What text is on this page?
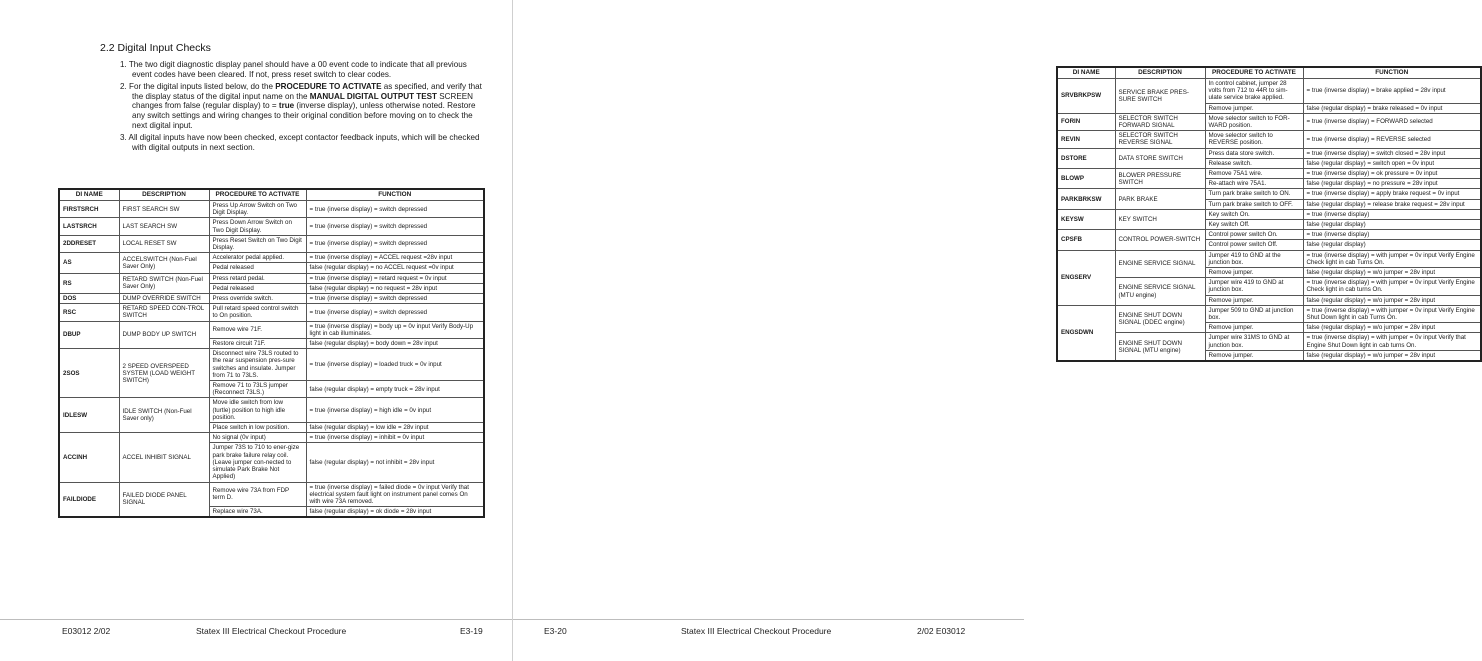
2.2 Digital Input Checks
1. The two digit diagnostic display panel should have a 00 event code to indicate that all previous event codes have been cleared. If not, press reset switch to clear codes.
2. For the digital inputs listed below, do the PROCEDURE TO ACTIVATE as specified, and verify that the display status of the digital input name on the MANUAL DIGITAL OUTPUT TEST SCREEN changes from false (regular display) to = true (inverse display), unless otherwise noted. Restore any switch settings and wiring changes to their original condition before moving on to check the next digital input.
3. All digital inputs have now been checked, except contactor feedback inputs, which will be checked with digital outputs in next section.
DI NAME	DESCRIPTION	PROCEDURE TO ACTIVATE	FUNCTION
FIRSTSRCH	FIRST SEARCH SW	Press Up Arrow Switch on Two Digit Display.	= true (inverse display) = switch depressed
LASTSRCH	LAST SEARCH SW	Press Down Arrow Switch on Two Digit Display.	= true (inverse display) = switch depressed
2DDRESET	LOCAL RESET SW	Press Reset Switch on Two Digit Display.	= true (inverse display) = switch depressed
AS	ACCELSWITCH (Non-Fuel Saver Only)	Accelerator pedal applied.	= true (inverse display) = ACCEL request =28v input
		Pedal released	false (regular display) = no ACCEL request =0v input
RS	RETARD SWITCH (Non-Fuel Saver Only)	Press retard pedal.	= true (inverse display) = retard request = 0v input
		Pedal released	false (regular display) = no request = 28v input
DOS	DUMP OVERRIDE SWITCH	Press override switch.	= true (inverse display) = switch depressed
RSC	RETARD SPEED CON-TROL SWITCH	Pull retard speed control switch to On position.	= true (inverse display) = switch depressed
DBUP	DUMP BODY UP SWITCH	Remove wire 71F.	= true (inverse display) = body up = 0v input Verify Body-Up light in cab illuminates.
		Restore circuit 71F.	false (regular display) = body down = 28v input
2SOS	2 SPEED OVERSPEED SYSTEM (LOAD WEIGHT SWITCH)	Disconnect wire 73LS routed to the rear suspension pres-sure switches and insulate. Jumper from 71 to 73LS.	= true (inverse display) = loaded truck = 0v input
		Remove 71 to 73LS jumper (Reconnect 73LS.)	false (regular display) = empty truck = 28v input
IDLESW	IDLE SWITCH (Non-Fuel Saver only)	Move idle switch from low (turtle) position to high idle position.	= true (inverse display) = high idle = 0v input
		Place switch in low position.	false (regular display) = low idle = 28v input
ACCINH	ACCEL INHIBIT SIGNAL	No signal (0v input)	= true (inverse display) = inhibit = 0v input
		Jumper 73S to 710 to ener-gize park brake failure relay coil. (Leave jumper con-nected to simulate Park Brake Not Applied)	false (regular display) = not inhibit = 28v input
FAILDIODE	FAILED DIODE PANEL SIGNAL	Remove wire 73A from FDP term D.	= true (inverse display) = failed diode = 0v input Verify that electrical system fault light on instrument panel comes On with wire 73A removed.
		Replace wire 73A.	false (regular display) = ok diode = 28v input
E03012 2/02	Statex III Electrical Checkout Procedure	E3-19
DI NAME	DESCRIPTION	PROCEDURE TO ACTIVATE	FUNCTION
SRVBRKPSW	SERVICE BRAKE PRES-SURE SWITCH	In control cabinet, jumper 28 volts from 712 to 44R to sim-ulate service brake applied.	= true (inverse display) = brake applied = 28v input
		Remove jumper.	false (regular display) = brake released = 0v input
FORIN	SELECTOR SWITCH FORWARD SIGNAL	Move selector switch to FOR-WARD position.	= true (inverse display) = FORWARD selected
REVIN	SELECTOR SWITCH REVERSE SIGNAL	Move selector switch to REVERSE position.	= true (inverse display) = REVERSE selected
DSTORE	DATA STORE SWITCH	Press data store switch.	= true (inverse display) = switch closed = 28v input
		Release switch.	false (regular display) = switch open = 0v input
BLOWP	BLOWER PRESSURE SWITCH	Remove 75A1 wire.	= true (inverse display) = ok pressure = 0v input
		Re-attach wire 75A1.	false (regular display) = no pressure = 28v input
PARKBRKSW	PARK BRAKE	Turn park brake switch to ON.	= true (inverse display) = apply brake request = 0v input
		Turn park brake switch to OFF.	false (regular display) = release brake request = 28v input
KEYSW	KEY SWITCH	Key switch On.	= true (inverse display)
		Key switch Off.	false (regular display)
CPSFB	CONTROL POWER-SWITCH	Control power switch On.	= true (inverse display)
		Control power switch Off.	false (regular display)
ENGSERV	ENGINE SERVICE SIGNAL	Jumper 419 to GND at the junction box.	= true (inverse display) = with jumper = 0v input Verify Engine Check light in cab Turns On.
		Remove jumper.	false (regular display) = w/o jumper = 28v input
	ENGINE SERVICE SIGNAL (MTU engine)	Jumper wire 419 to GND at junction box.	= true (inverse display) = with jumper = 0v input Verify Engine Check light in cab turns On.
		Remove jumper.	false (regular display) = w/o jumper = 28v input
ENGSDWN	ENGINE SHUT DOWN SIGNAL (DDEC engine)	Jumper 509 to GND at junction box.	= true (inverse display) = with jumper = 0v input Verify Engine Shut Down light in cab Turns On.
		Remove jumper.	false (regular display) = w/o jumper = 28v input
	ENGINE SHUT DOWN SIGNAL (MTU engine)	Jumper wire 31MS to GND at junction box.	= true (inverse display) = with jumper = 0v input Verify that Engine Shut Down light in cab turns On.
		Remove jumper.	false (regular display) = w/o jumper = 28v input
E3-20	Statex III Electrical Checkout Procedure	2/02 E03012
